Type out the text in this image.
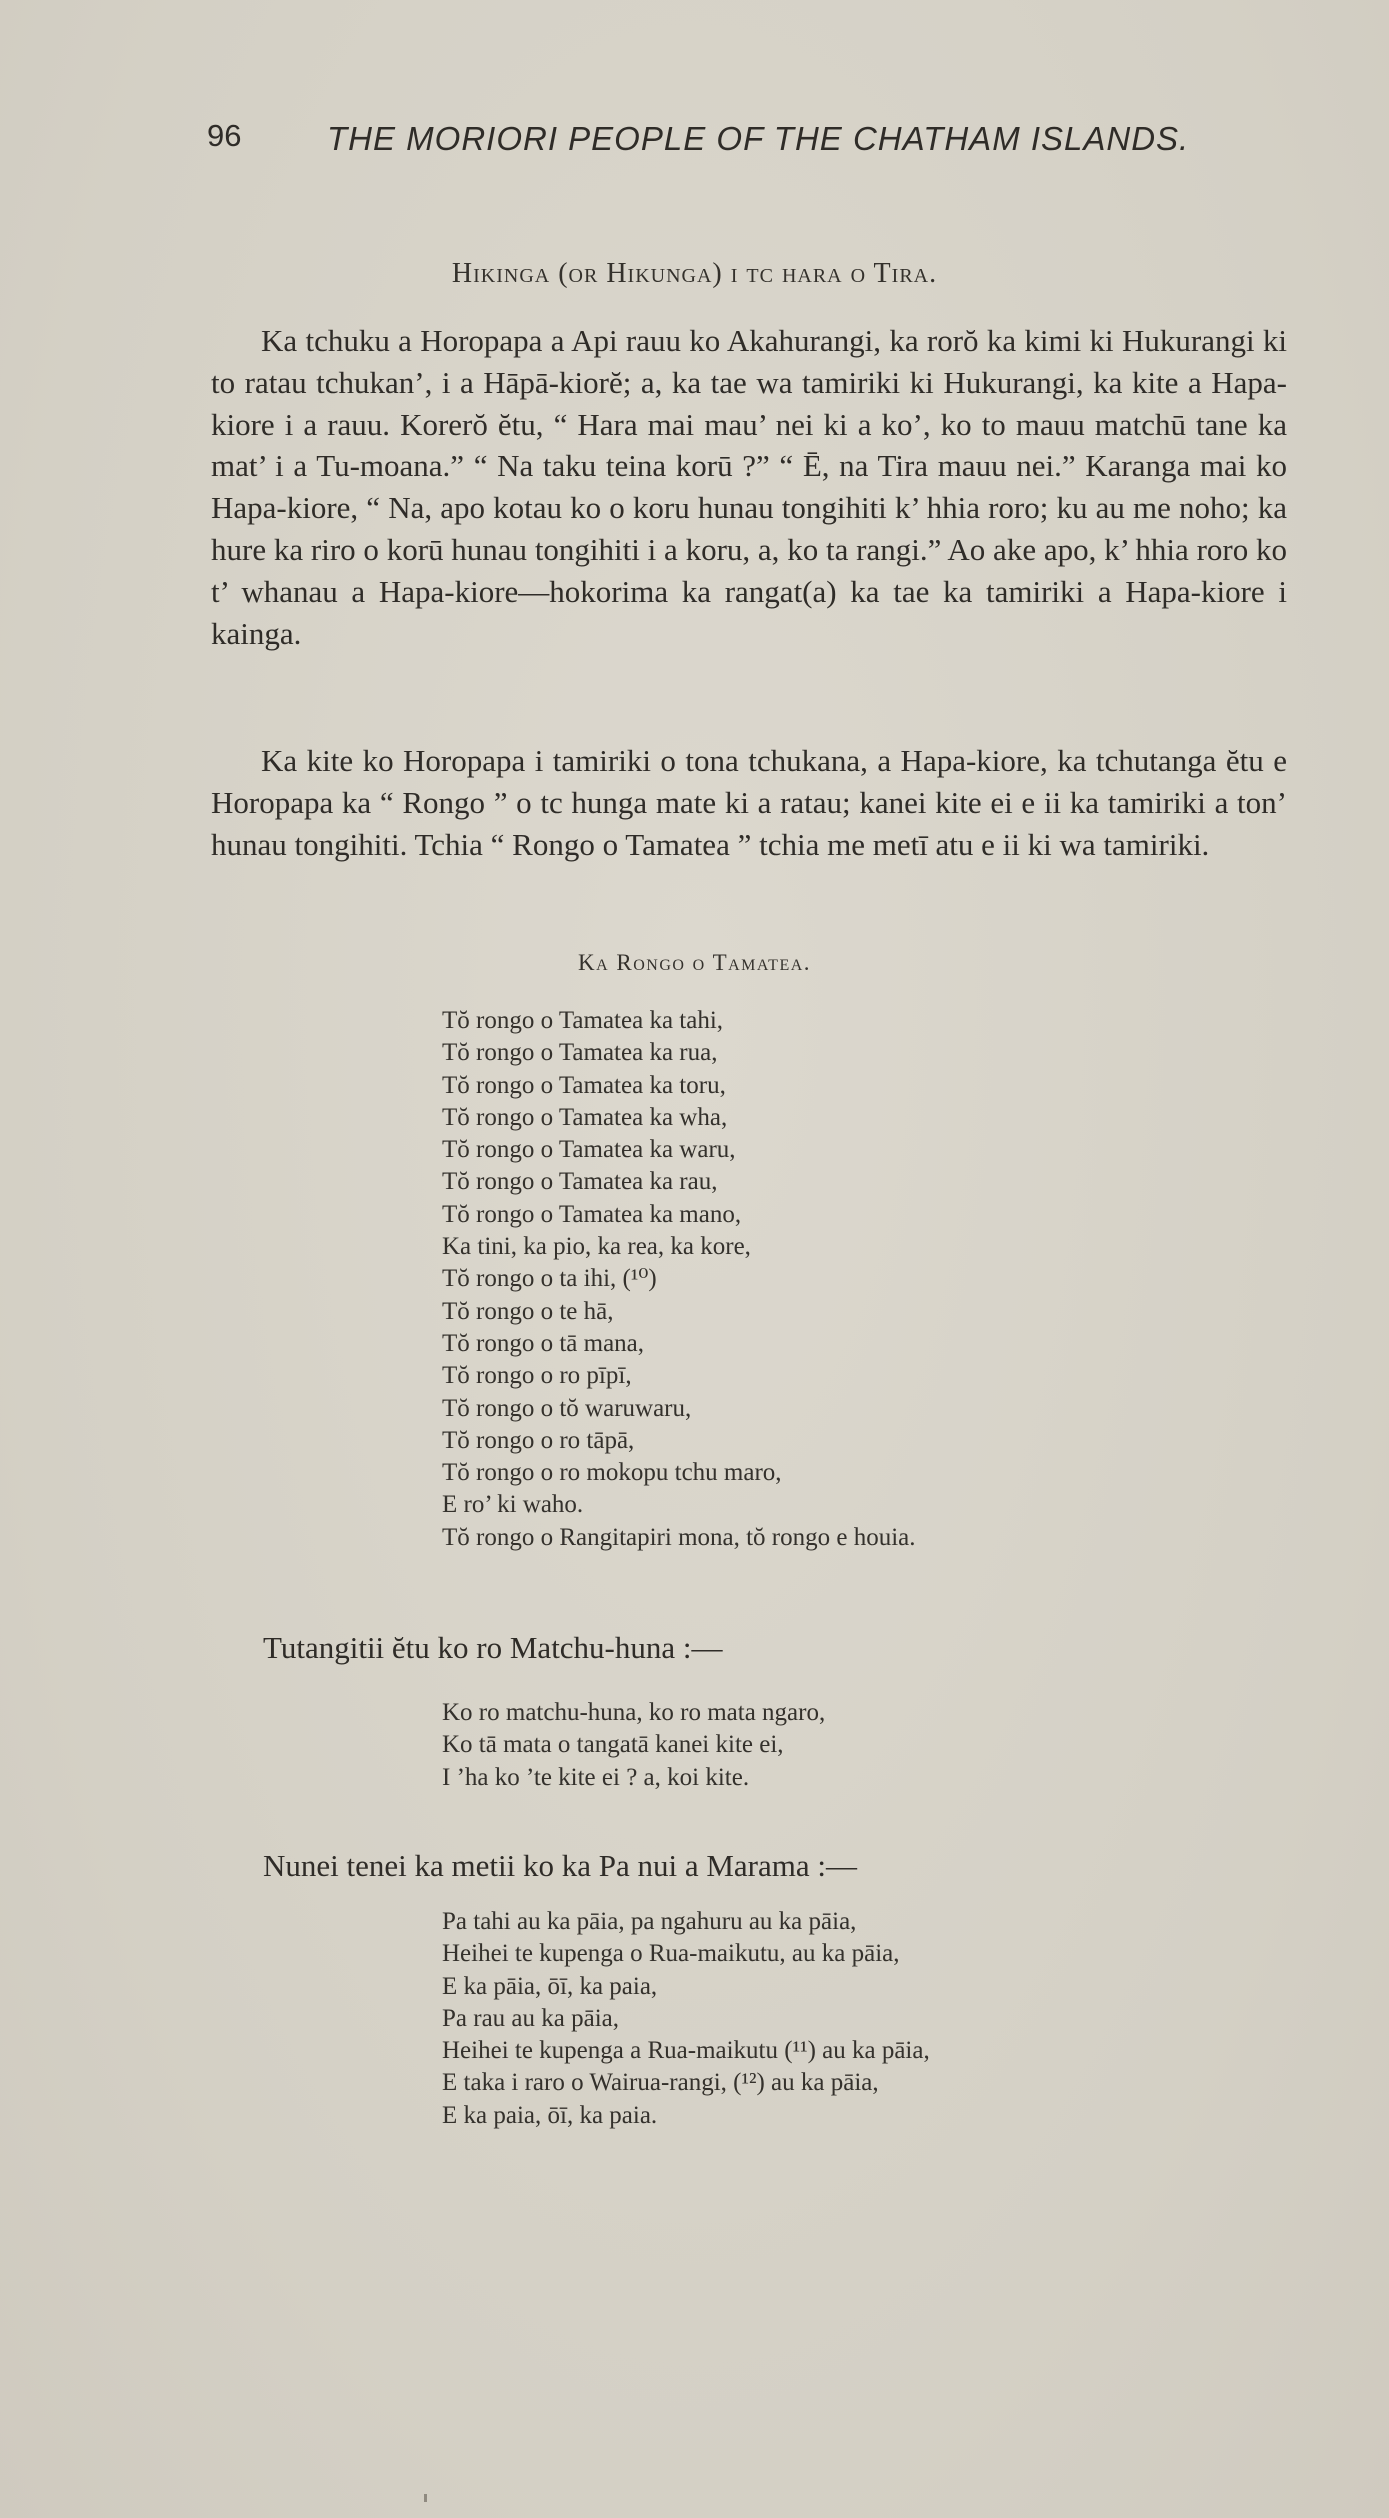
96	THE MORIORI PEOPLE OF THE CHATHAM ISLANDS.
Hikinga (or Hikunga) i tc hara o Tira.

Ka tchuku a Horopapa a Api rauu ko Akahurangi, ka rorŏ ka kimi ki Hukurangi ki to ratau tchukan’, i a Hāpā-kiorĕ; a, ka tae wa tamiriki ki Hukurangi, ka kite a Hapa-kiore i a rauu. Korerŏ ĕtu, “ Hara mai mau’ nei ki a ko’, ko to mauu matchū tane ka mat’ i a Tu-moana.” “ Na taku teina korū ?” “ Ē, na Tira mauu nei.” Karanga mai ko Hapa-kiore, “ Na, apo kotau ko o koru hunau tongihiti k’ hhia roro; ku au me noho; ka hure ka riro o korū hunau tongihiti i a koru, a, ko ta rangi.” Ao ake apo, k’ hhia roro ko t’ whanau a Hapa-kiore—hokorima ka rangat(a) ka tae ka tamiriki a Hapa-kiore i kainga.

Ka kite ko Horopapa i tamiriki o tona tchukana, a Hapa-kiore, ka tchutanga ĕtu e Horopapa ka “ Rongo ” o tc hunga mate ki a ratau; kanei kite ei e ii ka tamiriki a ton’ hunau tongihiti. Tchia “ Rongo o Tamatea ” tchia me metī atu e ii ki wa tamiriki.

Ka Rongo o Tamatea.
Tŏ rongo o Tamatea ka tahi,
Tŏ rongo o Tamatea ka rua,
Tŏ rongo o Tamatea ka toru,
Tŏ rongo o Tamatea ka wha,
Tŏ rongo o Tamatea ka waru,
Tŏ rongo o Tamatea ka rau,
Tŏ rongo o Tamatea ka mano,
Ka tini, ka pio, ka rea, ka kore,
Tŏ rongo o ta ihi, (¹⁰)
Tŏ rongo o te hā,
Tŏ rongo o tā mana,
Tŏ rongo o ro pīpī,
Tŏ rongo o tŏ waruwaru,
Tŏ rongo o ro tāpā,
Tŏ rongo o ro mokopu tchu maro,
E ro’ ki waho.
Tŏ rongo o Rangitapiri mona, tŏ rongo e houia.
Tutangitii ĕtu ko ro Matchu-huna :—
Ko ro matchu-huna, ko ro mata ngaro,
Ko tā mata o tangatā kanei kite ei,
I ’ha ko ’te kite ei ? a, koi kite.
Nunei tenei ka metii ko ka Pa nui a Marama :—
Pa tahi au ka pāia, pa ngahuru au ka pāia,
Heihei te kupenga o Rua-maikutu, au ka pāia,
E ka pāia, ōī, ka paia,
Pa rau au ka pāia,
Heihei te kupenga a Rua-maikutu (¹¹) au ka pāia,
E taka i raro o Wairua-rangi, (¹²) au ka pāia,
E ka paia, ōī, ka paia.
